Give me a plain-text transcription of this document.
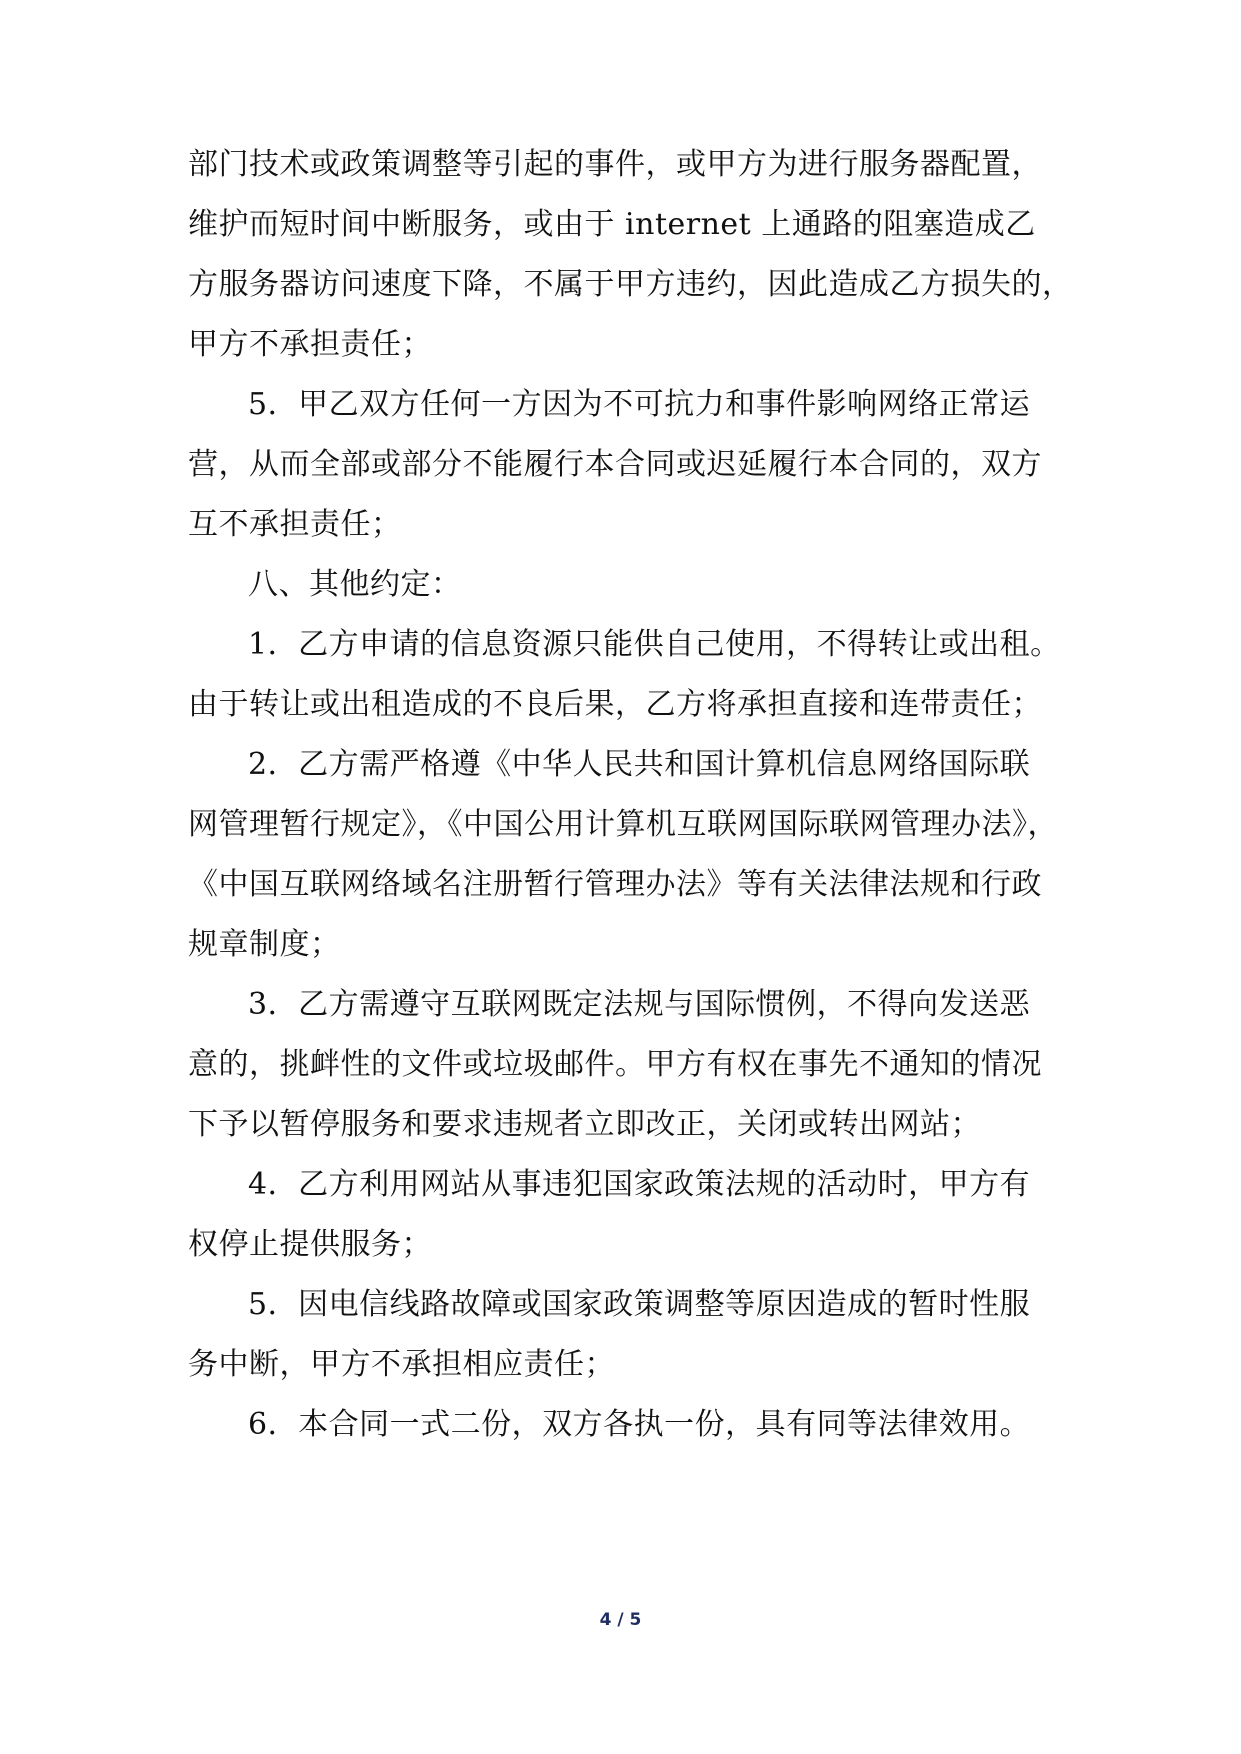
部门技术或政策调整等引起的事件，或甲方为进行服务器配置，
维护而短时间中断服务，或由于 internet 上通路的阻塞造成乙
方服务器访问速度下降，不属于甲方违约，因此造成乙方损失的，
甲方不承担责任；
5．甲乙双方任何一方因为不可抗力和事件影响网络正常运
营，从而全部或部分不能履行本合同或迟延履行本合同的，双方
互不承担责任；
八、其他约定：
1．乙方申请的信息资源只能供自己使用，不得转让或出租。
由于转让或出租造成的不良后果，乙方将承担直接和连带责任；
2．乙方需严格遵《中华人民共和国计算机信息网络国际联
网管理暂行规定》，《中国公用计算机互联网国际联网管理办法》，
《中国互联网络域名注册暂行管理办法》等有关法律法规和行政
规章制度；
3．乙方需遵守互联网既定法规与国际惯例，不得向发送恶
意的，挑衅性的文件或垃圾邮件。甲方有权在事先不通知的情况
下予以暂停服务和要求违规者立即改正，关闭或转出网站；
4．乙方利用网站从事违犯国家政策法规的活动时，甲方有
权停止提供服务；
5．因电信线路故障或国家政策调整等原因造成的暂时性服
务中断，甲方不承担相应责任；
6．本合同一式二份，双方各执一份，具有同等法律效用。
4 / 5
